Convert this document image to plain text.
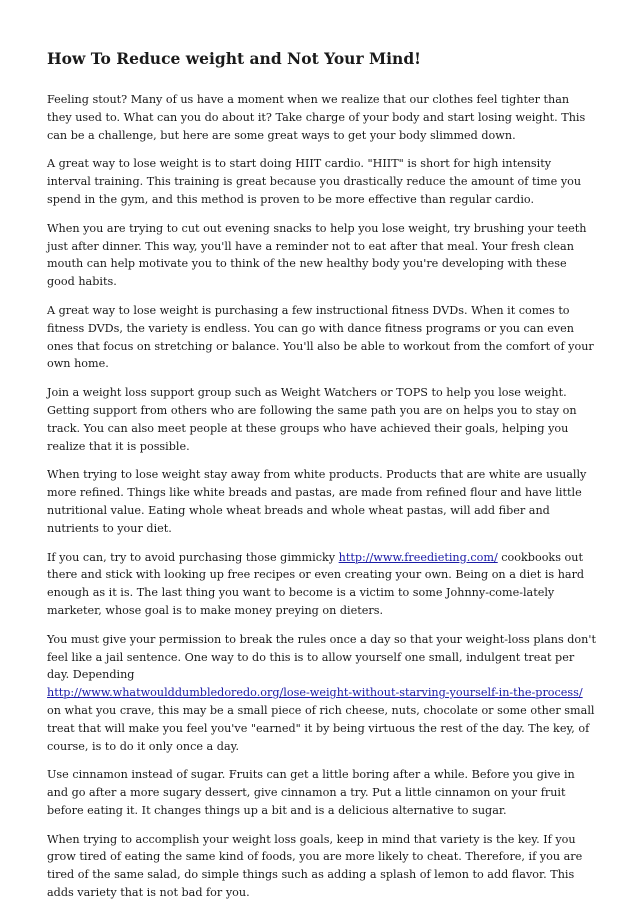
How To Reduce weight and Not Your Mind!

Feeling stout? Many of us have a moment when we realize that our clothes feel tighter than they used to. What can you do about it? Take charge of your body and start losing weight. This can be a challenge, but here are some great ways to get your body slimmed down.

A great way to lose weight is to start doing HIIT cardio. "HIIT" is short for high intensity interval training. This training is great because you drastically reduce the amount of time you spend in the gym, and this method is proven to be more effective than regular cardio.

When you are trying to cut out evening snacks to help you lose weight, try brushing your teeth just after dinner. This way, you'll have a reminder not to eat after that meal. Your fresh clean mouth can help motivate you to think of the new healthy body you're developing with these good habits.

A great way to lose weight is purchasing a few instructional fitness DVDs. When it comes to fitness DVDs, the variety is endless. You can go with dance fitness programs or you can even ones that focus on stretching or balance. You'll also be able to workout from the comfort of your own home.

Join a weight loss support group such as Weight Watchers or TOPS to help you lose weight. Getting support from others who are following the same path you are on helps you to stay on track. You can also meet people at these groups who have achieved their goals, helping you realize that it is possible.

When trying to lose weight stay away from white products. Products that are white are usually more refined. Things like white breads and pastas, are made from refined flour and have little nutritional value. Eating whole wheat breads and whole wheat pastas, will add fiber and nutrients to your diet.

If you can, try to avoid purchasing those gimmicky http://www.freedieting.com/ cookbooks out there and stick with looking up free recipes or even creating your own. Being on a diet is hard enough as it is. The last thing you want to become is a victim to some Johnny-come-lately marketer, whose goal is to make money preying on dieters.

You must give your permission to break the rules once a day so that your weight-loss plans don't feel like a jail sentence. One way to do this is to allow yourself one small, indulgent treat per day. Depending
http://www.whatwoulddumbledoredo.org/lose-weight-without-starving-yourself-in-the-process/ on what you crave, this may be a small piece of rich cheese, nuts, chocolate or some other small treat that will make you feel you've "earned" it by being virtuous the rest of the day. The key, of course, is to do it only once a day.

Use cinnamon instead of sugar. Fruits can get a little boring after a while. Before you give in and go after a more sugary dessert, give cinnamon a try. Put a little cinnamon on your fruit before eating it. It changes things up a bit and is a delicious alternative to sugar.

When trying to accomplish your weight loss goals, keep in mind that variety is the key. If you grow tired of eating the same kind of foods, you are more likely to cheat. Therefore, if you are tired of the same salad, do simple things such as adding a splash of lemon to add flavor. This adds variety that is not bad for you.
